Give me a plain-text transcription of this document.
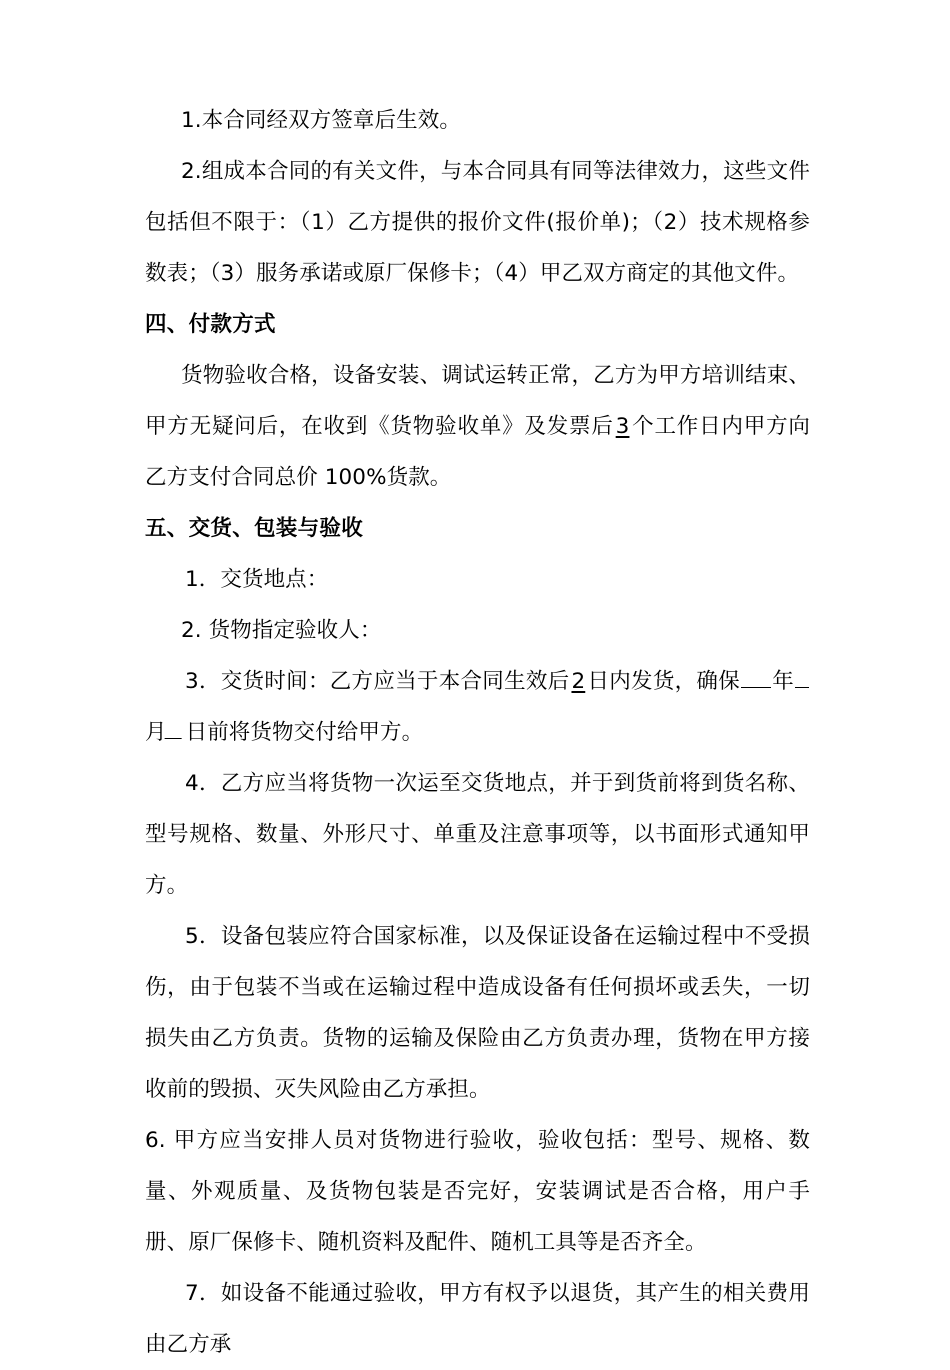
1.本合同经双方签章后生效。

2.组成本合同的有关文件，与本合同具有同等法律效力，这些文件包括但不限于：（1）乙方提供的报价文件(报价单)；（2）技术规格参数表；（3）服务承诺或原厂保修卡；（4）甲乙双方商定的其他文件。

四、付款方式

货物验收合格，设备安装、调试运转正常，乙方为甲方培训结束、甲方无疑问后，在收到《货物验收单》及发票后3个工作日内甲方向乙方支付合同总价 100%货款。

五、交货、包装与验收

1．交货地点：

2. 货物指定验收人：

3．交货时间：乙方应当于本合同生效后2日内发货，确保 年月 日前将货物交付给甲方。

4．乙方应当将货物一次运至交货地点，并于到货前将到货名称、型号规格、数量、外形尺寸、单重及注意事项等，以书面形式通知甲方。

5．设备包装应符合国家标准，以及保证设备在运输过程中不受损伤，由于包装不当或在运输过程中造成设备有任何损坏或丢失，一切损失由乙方负责。货物的运输及保险由乙方负责办理，货物在甲方接收前的毁损、灭失风险由乙方承担。

6. 甲方应当安排人员对货物进行验收，验收包括：型号、规格、数量、外观质量、及货物包装是否完好，安装调试是否合格，用户手册、原厂保修卡、随机资料及配件、随机工具等是否齐全。

7．如设备不能通过验收，甲方有权予以退货，其产生的相关费用由乙方承
